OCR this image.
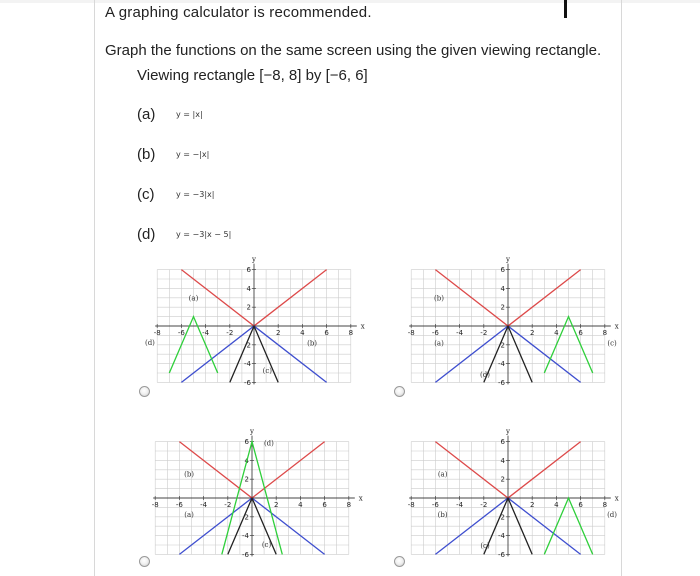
A graphing calculator is recommended.
Graph the functions on the same screen using the given viewing rectangle.
Viewing rectangle [−8, 8] by [−6, 6]
(a)	y = |x|
(b)	y = −|x|
(c)	y = −3|x|
(d)	y = −3|x − 5|
-8 -6 -4 -2	2	4	6	8
6
4
2
2
-4
-6
x
y
(a)
(b)
(c)
(d)
-8 -6 -4 -2	2	4	6	8
6
4
2
2
-4
-6
x
y
(a)
(b)
(c)
(d)
-8 -6 -4 -2	2	4	6	8
6
4
2
2
-4
-6
x
y
(a)
(b)
(c)
(d)
-8 -6 -4 -2	2	4	6	8
6
4
2
2
-4
-6
x
y
(a)
(b)
(c)
(d)
